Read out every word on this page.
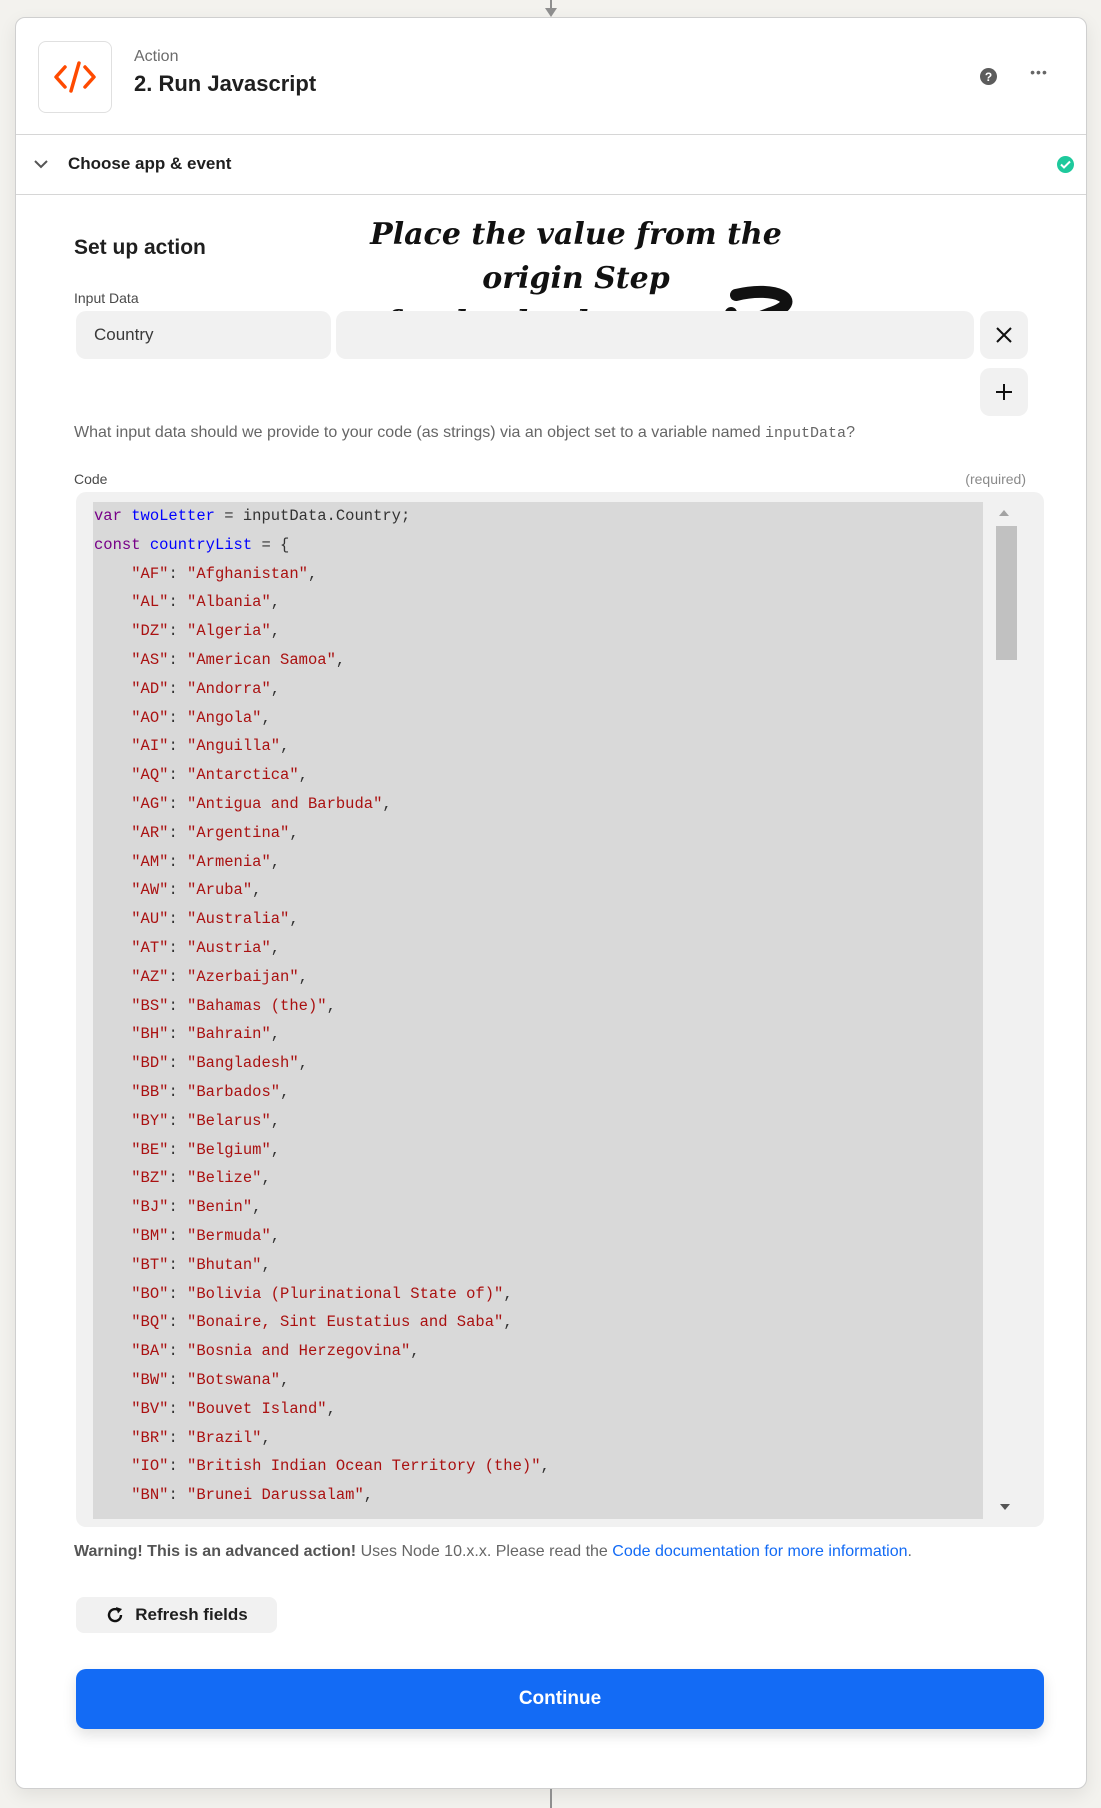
Action
2. Run Javascript	?	•••
Choose app & event
Set up action	Place the value from the origin Step
Input Data
Country
What input data should we provide to your code (as strings) via an object set to a variable named inputData?
Code	(required)
var twoLetter = inputData.Country;
const countryList = {
"AF": "Afghanistan",
"AL": "Albania",
"DZ": "Algeria",
"AS": "American Samoa",
"AD": "Andorra",
"AO": "Angola",
"AI": "Anguilla",
"AQ": "Antarctica",
"AG": "Antigua and Barbuda",
"AR": "Argentina",
"AM": "Armenia",
"AW": "Aruba",
"AU": "Australia",
"AT": "Austria",
"AZ": "Azerbaijan",
"BS": "Bahamas (the)",
"BH": "Bahrain",
"BD": "Bangladesh",
"BB": "Barbados",
"BY": "Belarus",
"BE": "Belgium",
"BZ": "Belize",
"BJ": "Benin",
"BM": "Bermuda",
"BT": "Bhutan",
"BO": "Bolivia (Plurinational State of)",
"BQ": "Bonaire, Sint Eustatius and Saba",
"BA": "Bosnia and Herzegovina",
"BW": "Botswana",
"BV": "Bouvet Island",
"BR": "Brazil",
"IO": "British Indian Ocean Territory (the)",
"BN": "Brunei Darussalam",
Warning! This is an advanced action! Uses Node 10.x.x. Please read the Code documentation for more information.
Refresh fields
Continue
